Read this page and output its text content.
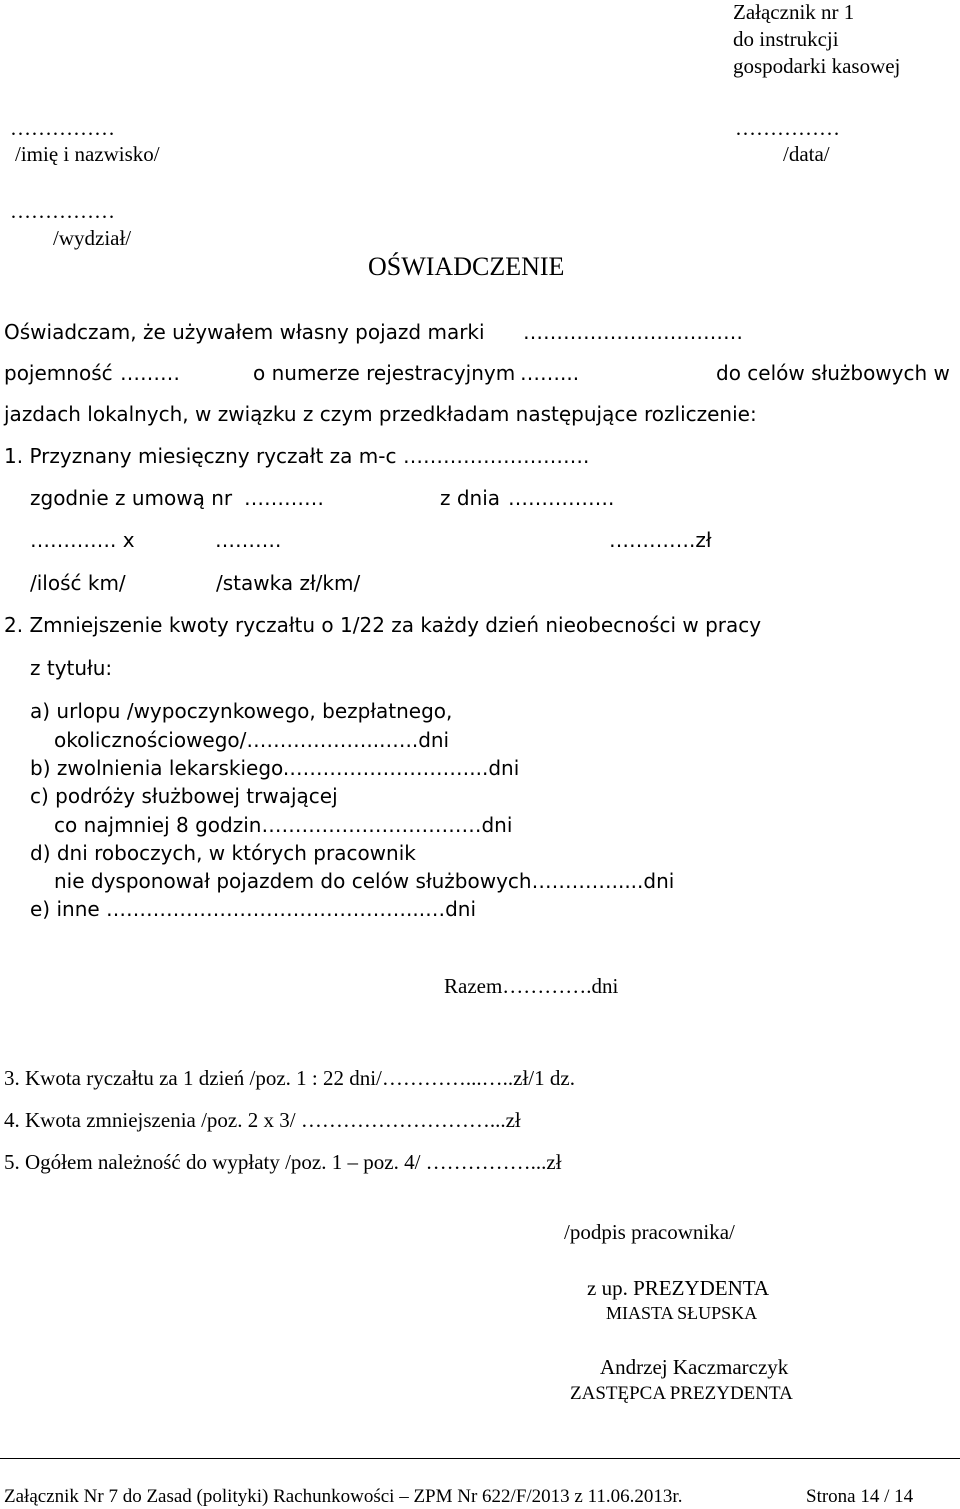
Załącznik nr 1
do instrukcji
gospodarki kasowej
……………
/imię i nazwisko/
……………
/data/
……………
/wydział/
OŚWIADCZENIE
Oświadczam, że używałem własny pojazd marki ……………………………
pojemność ………	o numerze rejestracyjnym ……...	do celów służbowych w
jazdach lokalnych, w związku z czym przedkładam następujące rozliczenie:
1. Przyznany miesięczny ryczałt za m-c ……………………….
zgodnie z umową nr …………	z dnia …………….
…………. x	……….	………….zł
/ilość km/	/stawka zł/km/
2. Zmniejszenie kwoty ryczałtu o 1/22 za każdy dzień nieobecności w pracy
z tytułu:
a) urlopu /wypoczynkowego, bezpłatnego,
okolicznościowego/………………...…..dni
b) zwolnienia lekarskiego.………………………...dni
c) podróży służbowej trwającej
co najmniej 8 godzin……………………………dni
d) dni roboczych, w których pracownik
nie dysponował pojazdem do celów służbowych………….....dni
e) inne ………………………………………...…dni
Razem………….dni
3. Kwota ryczałtu za 1 dzień /poz. 1 : 22 dni/…………...…..zł/1 dz.
4. Kwota zmniejszenia /poz. 2 x 3/ ………………………...zł
5. Ogółem należność do wypłaty /poz. 1 – poz. 4/ ……………...zł
/podpis pracownika/
z up. PREZYDENTA
MIASTA SŁUPSKA
Andrzej Kaczmarczyk
ZASTĘPCA PREZYDENTA
Załącznik Nr 7 do Zasad (polityki) Rachunkowości – ZPM Nr 622/F/2013 z 11.06.2013r.	Strona 14 / 14
